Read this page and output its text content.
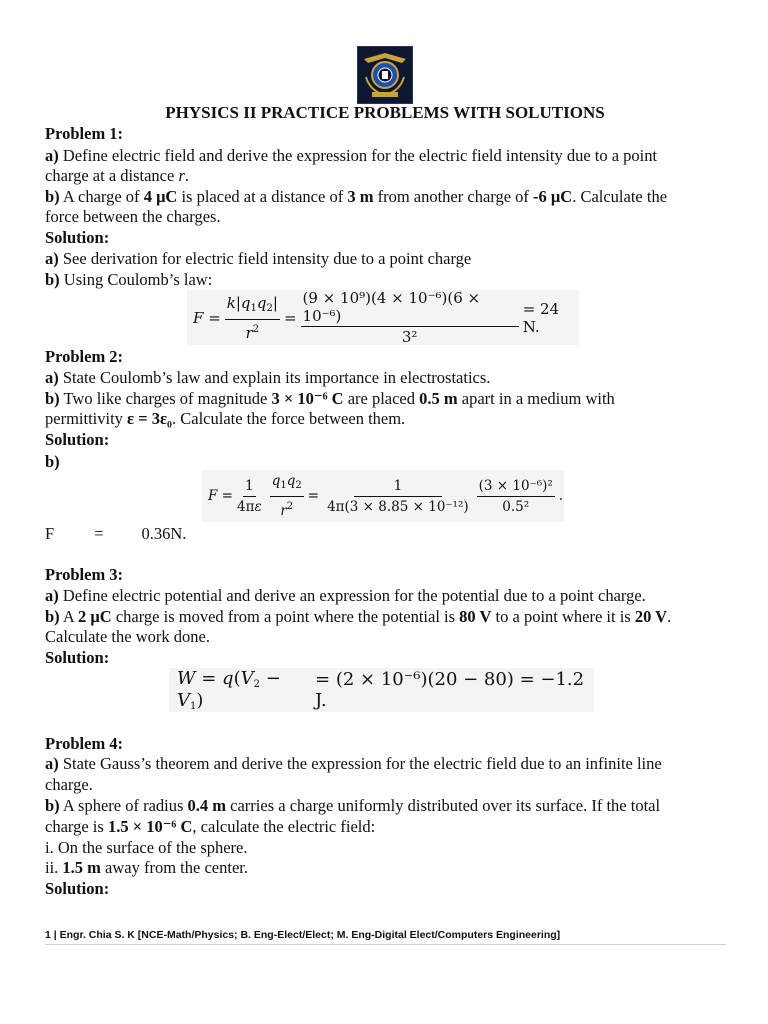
PHYSICS II PRACTICE PROBLEMS WITH SOLUTIONS
Problem 1:
a) Define electric field and derive the expression for the electric field intensity due to a point
charge at a distance r.
b) A charge of 4 μC is placed at a distance of 3 m from another charge of -6 μC. Calculate the
force between the charges.
Solution:
a) See derivation for electric field intensity due to a point charge
b) Using Coulomb’s law:
$F = \frac{k|q_1q_2|}{r^2} = \frac{\text{(9 × 10⁹)(4 × 10⁻⁶)(6 × 10⁻⁶)}}{\text{3²}} = 24$ N.
Problem 2:
a) State Coulomb’s law and explain its importance in electrostatics.
b) Two like charges of magnitude 3 × 10⁻⁶ C are placed 0.5 m apart in a medium with
permittivity ε = 3ε₀. Calculate the force between them.
Solution:
b)
$F = \frac{1}{4\pi\varepsilon} \frac{q_1q_2}{r^2} = \frac{1}{\text{4π(3 × 8.85 × 10⁻¹²)}} \frac{\text{(3 × 10⁻⁶)²}}{\text{0.5²}}$ .
F = 0.36N.
Problem 3:
a) Define electric potential and derive an expression for the potential due to a point charge.
b) A 2 μC charge is moved from a point where the potential is 80 V to a point where it is 20 V.
Calculate the work done.
Solution:
$W = q(V_2 - V_1)$
= (2 × 10⁻⁶)(20 − 80) = −1.2 J.
Problem 4:
a) State Gauss’s theorem and derive the expression for the electric field due to an infinite line
charge.
b) A sphere of radius 0.4 m carries a charge uniformly distributed over its surface. If the total
charge is 1.5 × 10⁻⁶ C, calculate the electric field:
i. On the surface of the sphere.
ii. 1.5 m away from the center.
Solution:
1 | Engr. Chia S. K [NCE-Math/Physics; B. Eng-Elect/Elect; M. Eng-Digital Elect/Computers Engineering]
